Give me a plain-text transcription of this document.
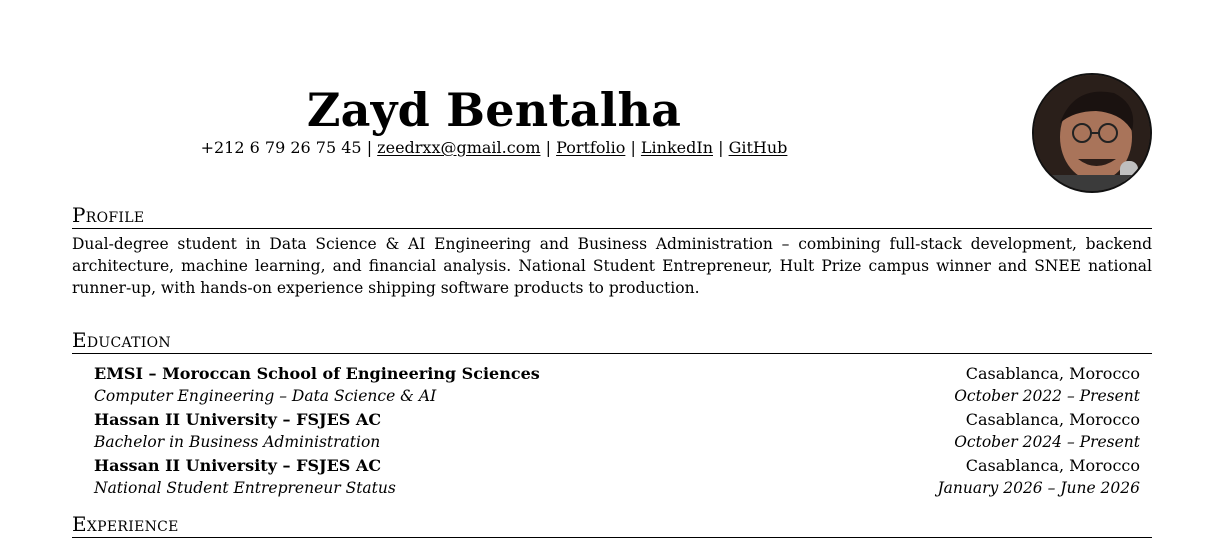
Zayd Bentalha
+212 6 79 26 75 45 | zeedrxx@gmail.com | Portfolio | LinkedIn | GitHub
Profile
Dual-degree student in Data Science & AI Engineering and Business Administration – combining full-stack development, backend architecture, machine learning, and financial analysis. National Student Entrepreneur, Hult Prize campus winner and SNEE national runner-up, with hands-on experience shipping software products to production.
Education
EMSI – Moroccan School of Engineering Sciences	Casablanca, Morocco
Computer Engineering – Data Science & AI	October 2022 – Present
Hassan II University – FSJES AC	Casablanca, Morocco
Bachelor in Business Administration	October 2024 – Present
Hassan II University – FSJES AC	Casablanca, Morocco
National Student Entrepreneur Status	January 2026 – June 2026
Experience
